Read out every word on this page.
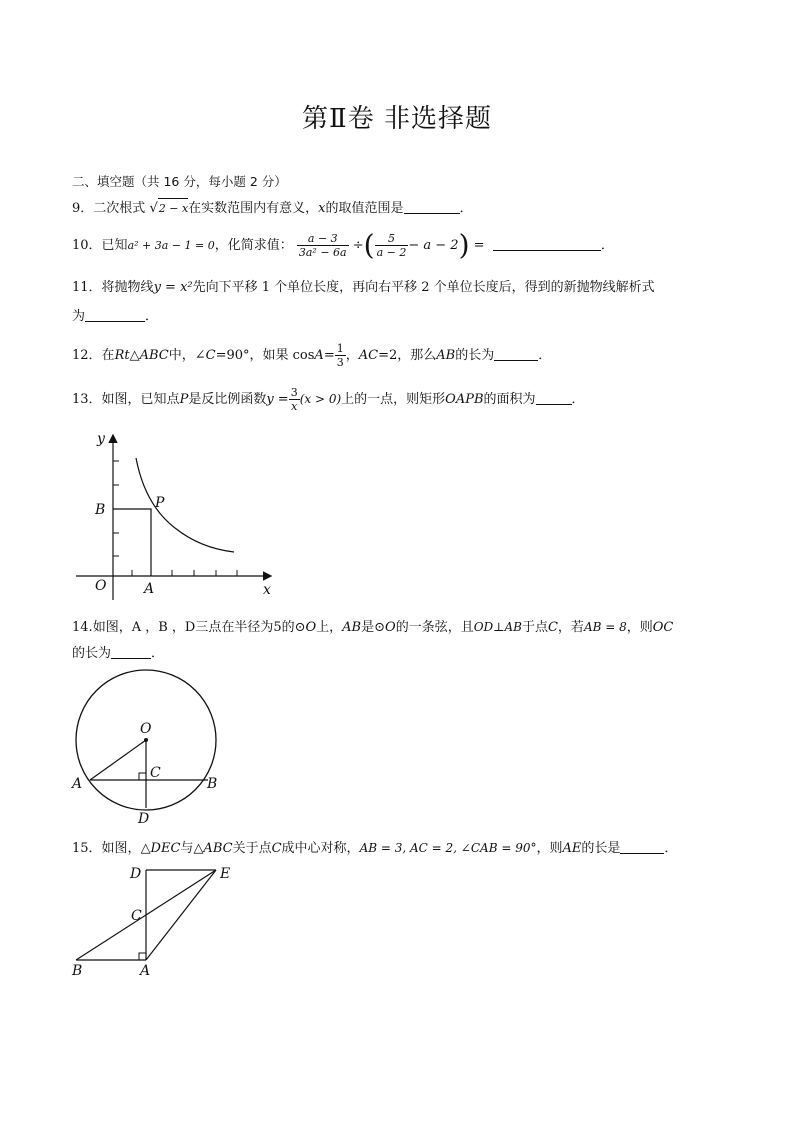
第Ⅱ卷 非选择题
二、填空题（共 16 分，每小题 2 分）
9．二次根式 √2 − x在实数范围内有意义，x的取值范围是	．
10．已知a² + 3a − 1 = 0，化简求值： $\frac{a - 3}{\text{3a² − 6a}}$ ÷( $\frac{5}{a - 2} - a - 2$) =	．
11．将抛物线y = x²先向下平移 1 个单位长度，再向右平移 2 个单位长度后，得到的新抛物线解析式
为	．
12．在Rt△ABC中，∠C=90°，如果 $\cos A= \frac{1}{3}$ ，AC=2，那么AB的长为	．
13．如图，已知点P是反比例函数$y = \frac{3}{x} (x > 0)$上的一点，则矩形OAPB的面积为	．
y
x
O	A
B	P
14.如图，A ，B ，D三点在半径为5的⊙O上，AB是⊙O的一条弦，且OD⊥AB于点C，若AB = 8，则OC
的长为	．
O
A	B
C
D
15．如图，△DEC与△ABC关于点C成中心对称，AB = 3, AC = 2, ∠CAB = 90°，则AE的长是	．
D	E
C
B	A
